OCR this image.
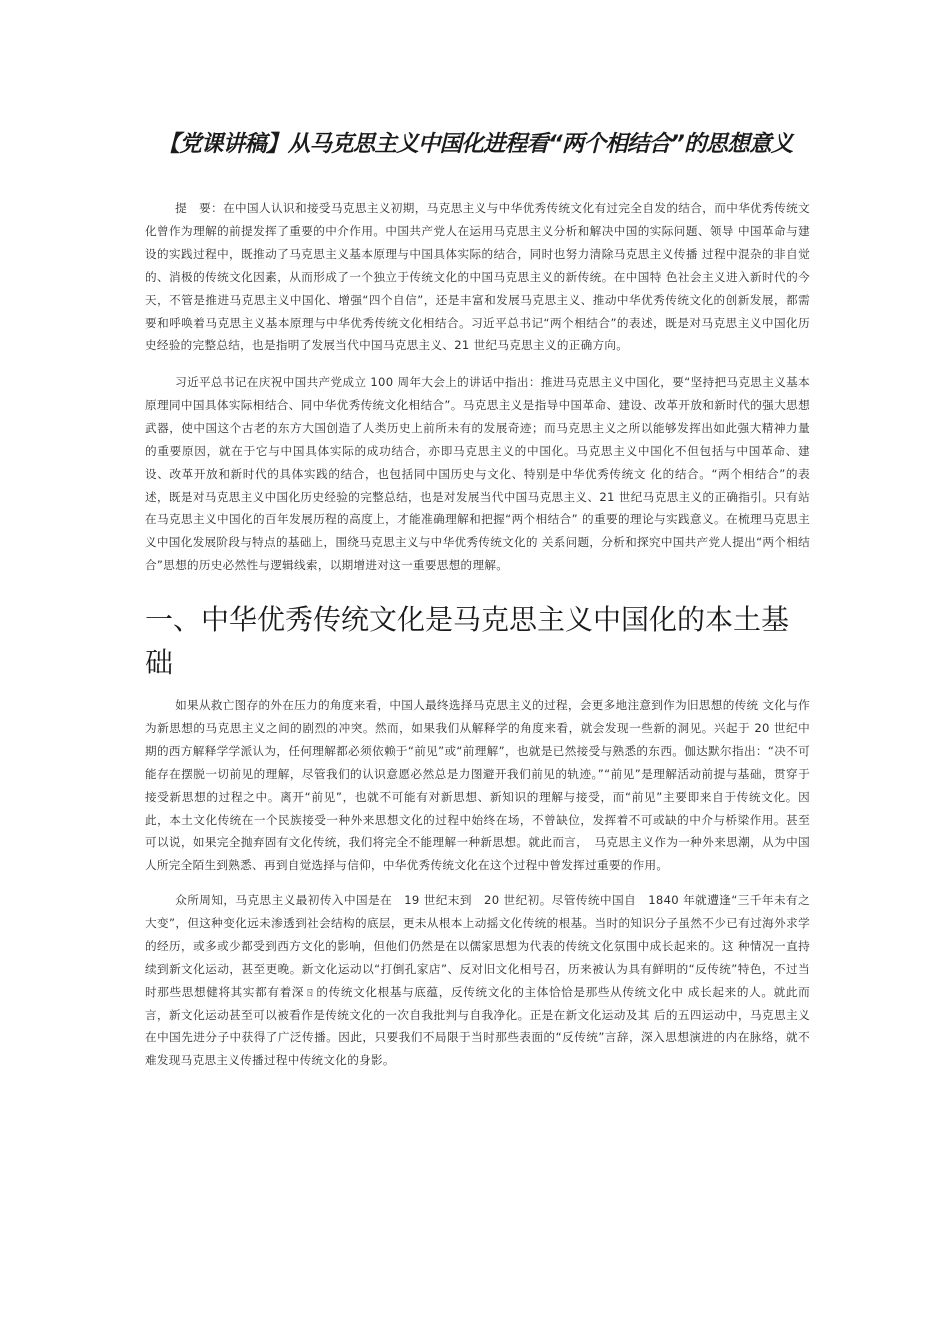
【党课讲稿】从马克思主义中国化进程看“两个相结合”的思想意义

提　要：在中国人认识和接受马克思主义初期，马克思主义与中华优秀传统文化有过完全自发的结合，而中华优秀传统文化曾作为理解的前提发挥了重要的中介作用。中国共产党人在运用马克思主义分析和解决中国的实际问题、领导 中国革命与建设的实践过程中，既推动了马克思主义基本原理与中国具体实际的结合，同时也努力清除马克思主义传播 过程中混杂的非自觉的、消极的传统文化因素，从而形成了一个独立于传统文化的中国马克思主义的新传统。在中国特 色社会主义进入新时代的今天，不管是推进马克思主义中国化、增强“四个自信”，还是丰富和发展马克思主义、推动中华优秀传统文化的创新发展，都需要和呼唤着马克思主义基本原理与中华优秀传统文化相结合。习近平总书记“两个相结合”的表述，既是对马克思主义中国化历史经验的完整总结，也是指明了发展当代中国马克思主义、21 世纪马克思主义的正确方向。

习近平总书记在庆祝中国共产党成立 100 周年大会上的讲话中指出：推进马克思主义中国化，要“坚持把马克思主义基本原理同中国具体实际相结合、同中华优秀传统文化相结合”。马克思主义是指导中国革命、建设、改革开放和新时代的强大思想武器，使中国这个古老的东方大国创造了人类历史上前所未有的发展奇迹；而马克思主义之所以能够发挥出如此强大精神力量的重要原因，就在于它与中国具体实际的成功结合，亦即马克思主义的中国化。马克思主义中国化不但包括与中国革命、建设、改革开放和新时代的具体实践的结合，也包括同中国历史与文化、特别是中华优秀传统文 化的结合。“两个相结合”的表述，既是对马克思主义中国化历史经验的完整总结，也是对发展当代中国马克思主义、21 世纪马克思主义的正确指引。只有站在马克思主义中国化的百年发展历程的高度上，才能准确理解和把握“两个相结合” 的重要的理论与实践意义。在梳理马克思主义中国化发展阶段与特点的基础上，围绕马克思主义与中华优秀传统文化的 关系问题，分析和探究中国共产党人提出“两个相结合”思想的历史必然性与逻辑线索，以期增进对这一重要思想的理解。

一、中华优秀传统文化是马克思主义中国化的本土基础

如果从救亡图存的外在压力的角度来看，中国人最终选择马克思主义的过程，会更多地注意到作为旧思想的传统 文化与作为新思想的马克思主义之间的剧烈的冲突。然而，如果我们从解释学的角度来看，就会发现一些新的洞见。兴起于 20 世纪中期的西方解释学学派认为，任何理解都必须依赖于“前见”或“前理解”，也就是已然接受与熟悉的东西。伽达默尔指出：“决不可能存在摆脱一切前见的理解，尽管我们的认识意愿必然总是力图避开我们前见的轨迹。”“前见”是理解活动前提与基础，贯穿于接受新思想的过程之中。离开“前见”，也就不可能有对新思想、新知识的理解与接受，而“前见”主要即来自于传统文化。因此，本土文化传统在一个民族接受一种外来思想文化的过程中始终在场，不曾缺位，发挥着不可或缺的中介与桥梁作用。甚至可以说，如果完全抛弃固有文化传统，我们将完全不能理解一种新思想。就此而言，　马克思主义作为一种外来思潮，从为中国人所完全陌生到熟悉、再到自觉选择与信仰，中华优秀传统文化在这个过程中曾发挥过重要的作用。

众所周知，马克思主义最初传入中国是在　19 世纪末到　20 世纪初。尽管传统中国自　1840 年就遭逢“三千年未有之大变”，但这种变化远未渗透到社会结构的底层，更未从根本上动摇文化传统的根基。当时的知识分子虽然不少已有过海外求学的经历，或多或少都受到西方文化的影响，但他们仍然是在以儒家思想为代表的传统文化氛围中成长起来的。这 种情况一直持续到新文化运动，甚至更晚。新文化运动以“打倒孔家店”、反对旧文化相号召，历来被认为具有鲜明的“反传统”特色，不过当时那些思想健将其实都有着深ㄖ的传统文化根基与底蕴，反传统文化的主体恰恰是那些从传统文化中 成长起来的人。就此而言，新文化运动甚至可以被看作是传统文化的一次自我批判与自我净化。正是在新文化运动及其 后的五四运动中，马克思主义在中国先进分子中获得了广泛传播。因此，只要我们不局限于当时那些表面的“反传统”言辞，深入思想演进的内在脉络，就不难发现马克思主义传播过程中传统文化的身影。
